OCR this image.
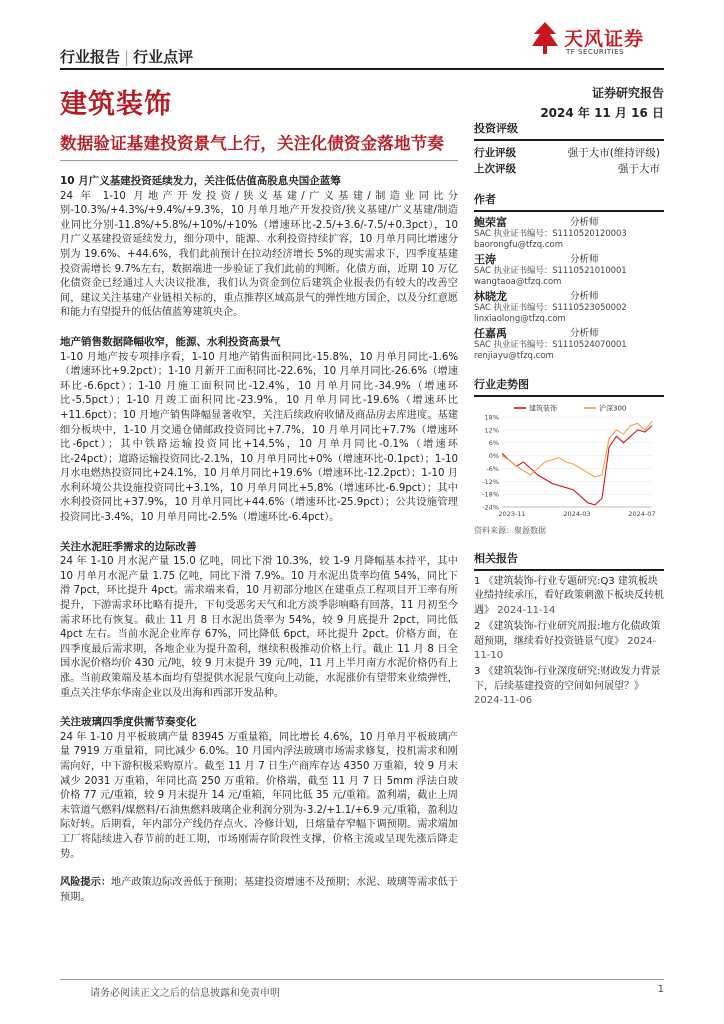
行业报告 | 行业点评
天风证券
TF SECURITIES
建筑装饰	证券研究报告
2024 年 11 月 16 日
数据验证基建投资景气上行，关注化债资金落地节奏
10 月广义基建投资延续发力，关注低估值高股息央国企蓝筹

24 年 1-10 月地产开发投资/狭义基建/广义基建/制造业同比分别-10.3%/+4.3%/+9.4%/+9.3%，10 月单月地产开发投资/狭义基建/广义基建/制造业同比分别-11.8%/+5.8%/+10%/+10%（增速环比-2.5/+3.6/-7.5/+0.3pct），10 月广义基建投资延续发力，细分项中，能源、水利投资持续扩容，10 月单月同比增速分别为 19.6%、+44.6%，我们此前预计在拉动经济增长 5%的现实需求下，四季度基建投资需增长 9.7%左右，数据端进一步验证了我们此前的判断。化债方面，近期 10 万亿化债资金已经通过人大决议批准，我们认为资金到位后建筑企业报表仍有较大的改善空间，建议关注基建产业链相关标的，重点推荐区域高景气的弹性地方国企，以及分红意愿和能力有望提升的低估值蓝筹建筑央企。

地产销售数据降幅收窄，能源、水利投资高景气

1-10 月地产按专项排序看，1-10 月地产销售面积同比-15.8%，10 月单月同比-1.6%（增速环比+9.2pct）；1-10 月新开工面积同比-22.6%，10 月单月同比-26.6%（增速环比-6.6pct）；1-10 月施工面积同比-12.4%，10 月单月同比-34.9%（增速环比-5.5pct）；1-10 月竣工面积同比-23.9%，10 月单月同比-19.6%（增速环比+11.6pct）；10 月地产销售降幅显著收窄，关注后续政府收储及商品房去库进度。基建细分板块中，1-10 月交通仓储邮政投资同比+7.7%，10 月单月同比+7.7%（增速环比-6pct）；其中铁路运输投资同比+14.5%，10 月单月同比-0.1%（增速环比-24pct）；道路运输投资同比-2.1%，10 月单月同比+0%（增速环比-0.1pct）；1-10 月水电燃热投资同比+24.1%，10 月单月同比+19.6%（增速环比-12.2pct）；1-10 月水利环境公共设施投资同比+3.1%，10 月单月同比+5.8%（增速环比-6.9pct）；其中水利投资同比+37.9%，10 月单月同比+44.6%（增速环比-25.9pct）；公共设施管理投资同比-3.4%，10 月单月同比-2.5%（增速环比-6.4pct）。

关注水泥旺季需求的边际改善

24 年 1-10 月水泥产量 15.0 亿吨，同比下滑 10.3%，较 1-9 月降幅基本持平，其中 10 月单月水泥产量 1.75 亿吨，同比下滑 7.9%。10 月水泥出货率均值 54%，同比下滑 7pct，环比提升 4pct。需求端来看，10 月初部分地区在建重点工程项目开工率有所提升，下游需求环比略有提升，下旬受恶劣天气和北方淡季影响略有回落，11 月初至今需求环比有恢复。截止 11 月 8 日水泥出货率为 54%，较 9 月底提升 2pct，同比低 4pct 左右。当前水泥企业库存 67%，同比降低 6pct，环比提升 2pct。价格方面，在四季度最后需求期，各地企业为提升盈利，继续积极推动价格上行。截止 11 月 8 日全国水泥价格均价 430 元/吨，较 9 月末提升 39 元/吨，11 月上半月南方水泥价格仍有上涨。当前政策端及基本面均有望提供水泥景气度向上动能，水泥涨价有望带来业绩弹性，重点关注华东华南企业以及出海和西部开发品种。

关注玻璃四季度供需节奏变化

24 年 1-10 月平板玻璃产量 83945 万重量箱，同比增长 4.6%，10 月单月平板玻璃产量 7919 万重量箱，同比减少 6.0%。10 月国内浮法玻璃市场需求修复，投机需求和刚需向好，中下游积极采购原片。截至 11 月 7 日生产商库存达 4350 万重箱，较 9 月末减少 2031 万重箱，年同比高 250 万重箱。价格端，截至 11 月 7 日 5mm 浮法白玻价格 77 元/重箱，较 9 月末提升 14 元/重箱，年同比低 35 元/重箱。盈利端，截止上周末管道气燃料/煤燃料/石油焦燃料玻璃企业利润分别为-3.2/+1.1/+6.9 元/重箱，盈利边际好转。后期看，年内部分产线仍存点火、冷修计划，日熔量存窄幅下调预期。需求端加工厂将陆续进入春节前的赶工期，市场刚需存阶段性支撑，价格主流或呈现先涨后降走势。

风险提示：地产政策边际改善低于预期；基建投资增速不及预期；水泥、玻璃等需求低于预期。

投资评级
行业评级	强于大市(维持评级)
上次评级	强于大市
作者
鲍荣富	分析师
SAC 执业证书编号：S1110520120003
baorongfu@tfzq.com
王涛	分析师
SAC 执业证书编号：S1110521010001
wangtaoa@tfzq.com
林晓龙	分析师
SAC 执业证书编号：S1110523050002
linxiaolong@tfzq.com
任嘉禹	分析师
SAC 执业证书编号：S1110524070001
renjiayu@tfzq.com
行业走势图
18%
12%
6%
0%
-6%
-12%
-18%
-24%
2023-11	2024-03	2024-07
建筑装饰	沪深300
资料来源：聚源数据
相关报告
1 《建筑装饰-行业专题研究:Q3 建筑板块业绩持续承压，看好政策刺激下板块反转机遇》 2024-11-14
2 《建筑装饰-行业研究周报:地方化债政策超预期，继续看好投资链景气度》 2024-11-10
3 《建筑装饰-行业深度研究:财政发力背景下，后续基建投资的空间如何展望？》 2024-11-06
请务必阅读正文之后的信息披露和免责申明	1
